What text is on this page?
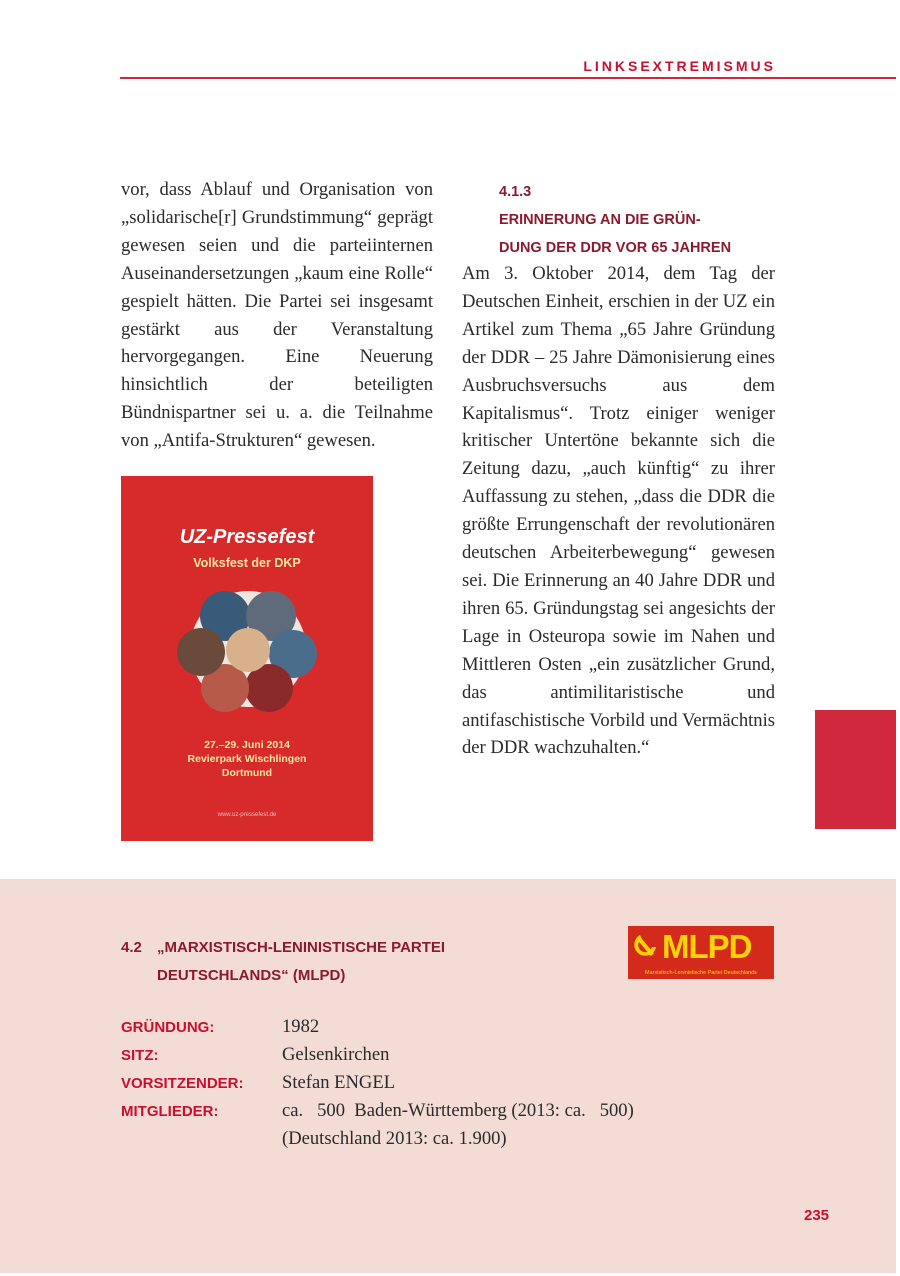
LINKSEXTREMISMUS

vor, dass Ablauf und Organisation von „solidarische[r] Grundstimmung“ geprägt gewesen seien und die parteiinternen Auseinandersetzungen „kaum eine Rolle“ gespielt hätten. Die Partei sei insgesamt gestärkt aus der Veranstaltung hervorgegangen. Eine Neuerung hinsichtlich der beteiligten Bündnispartner sei u. a. die Teilnahme von „Antifa-Strukturen“ gewesen.

UZ-Pressefest
Volksfest der DKP
27.–29. Juni 2014
Revierpark Wischlingen
Dortmund
www.uz-pressefest.de
4.1.3
ERINNERUNG AN DIE GRÜN-
DUNG DER DDR VOR 65 JAHREN

Am 3. Oktober 2014, dem Tag der Deutschen Einheit, erschien in der UZ ein Artikel zum Thema „65 Jahre Gründung der DDR – 25 Jahre Dämonisierung eines Ausbruchsversuchs aus dem Kapitalismus“. Trotz einiger weniger kritischer Untertöne bekannte sich die Zeitung dazu, „auch künftig“ zu ihrer Auffassung zu stehen, „dass die DDR die größte Errungenschaft der revolutionären deutschen Arbeiterbewegung“ gewesen sei. Die Erinnerung an 40 Jahre DDR und ihren 65. Gründungstag sei angesichts der Lage in Osteuropa sowie im Nahen und Mittleren Osten „ein zusätzlicher Grund, das antimilitaristische und antifaschistische Vorbild und Vermächtnis der DDR wachzuhalten.“

4.2 „MARXISTISCH-LENINISTISCHE PARTEI
DEUTSCHLANDS“ (MLPD)
MLPD
Marxistisch-Leninistische Partei Deutschlands
GRÜNDUNG:	1982
SITZ:	Gelsenkirchen
VORSITZENDER: Stefan ENGEL
MITGLIEDER:	ca.   500  Baden-Württemberg (2013: ca.   500)
(Deutschland 2013: ca. 1.900)
235
